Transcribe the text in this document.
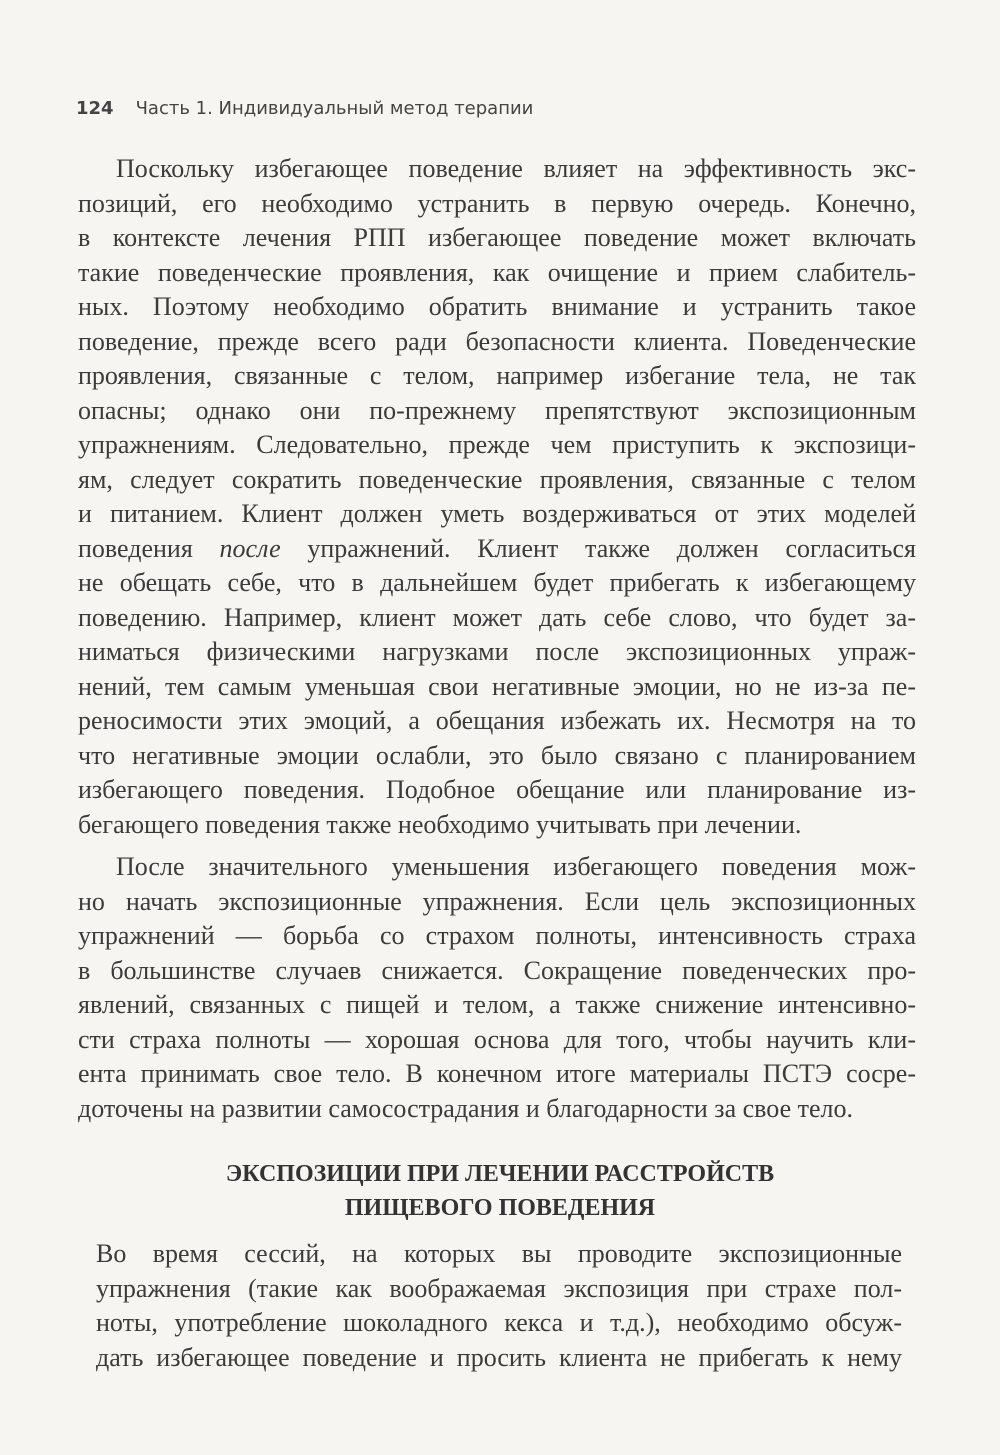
124 Часть 1. Индивидуальный метод терапии
Поскольку избегающее поведение влияет на эффективность экс-
позиций, его необходимо устранить в первую очередь. Конечно,
в контексте лечения РПП избегающее поведение может включать
такие поведенческие проявления, как очищение и прием слабитель-
ных. Поэтому необходимо обратить внимание и устранить такое
поведение, прежде всего ради безопасности клиента. Поведенческие
проявления, связанные с телом, например избегание тела, не так
опасны; однако они по-прежнему препятствуют экспозиционным
упражнениям. Следовательно, прежде чем приступить к экспозици-
ям, следует сократить поведенческие проявления, связанные с телом
и питанием. Клиент должен уметь воздерживаться от этих моделей
поведения после упражнений. Клиент также должен согласиться
не обещать себе, что в дальнейшем будет прибегать к избегающему
поведению. Например, клиент может дать себе слово, что будет за-
ниматься физическими нагрузками после экспозиционных упраж-
нений, тем самым уменьшая свои негативные эмоции, но не из-за пе-
реносимости этих эмоций, а обещания избежать их. Несмотря на то
что негативные эмоции ослабли, это было связано с планированием
избегающего поведения. Подобное обещание или планирование из-
бегающего поведения также необходимо учитывать при лечении.
После значительного уменьшения избегающего поведения мож-
но начать экспозиционные упражнения. Если цель экспозиционных
упражнений — борьба со страхом полноты, интенсивность страха
в большинстве случаев снижается. Сокращение поведенческих про-
явлений, связанных с пищей и телом, а также снижение интенсивно-
сти страха полноты — хорошая основа для того, чтобы научить кли-
ента принимать свое тело. В конечном итоге материалы ПСТЭ сосре-
доточены на развитии самосострадания и благодарности за свое тело.
ЭКСПОЗИЦИИ ПРИ ЛЕЧЕНИИ РАССТРОЙСТВ
ПИЩЕВОГО ПОВЕДЕНИЯ
Во время сессий, на которых вы проводите экспозиционные
упражнения (такие как воображаемая экспозиция при страхе пол-
ноты, употребление шоколадного кекса и т.д.), необходимо обсуж-
дать избегающее поведение и просить клиента не прибегать к нему
